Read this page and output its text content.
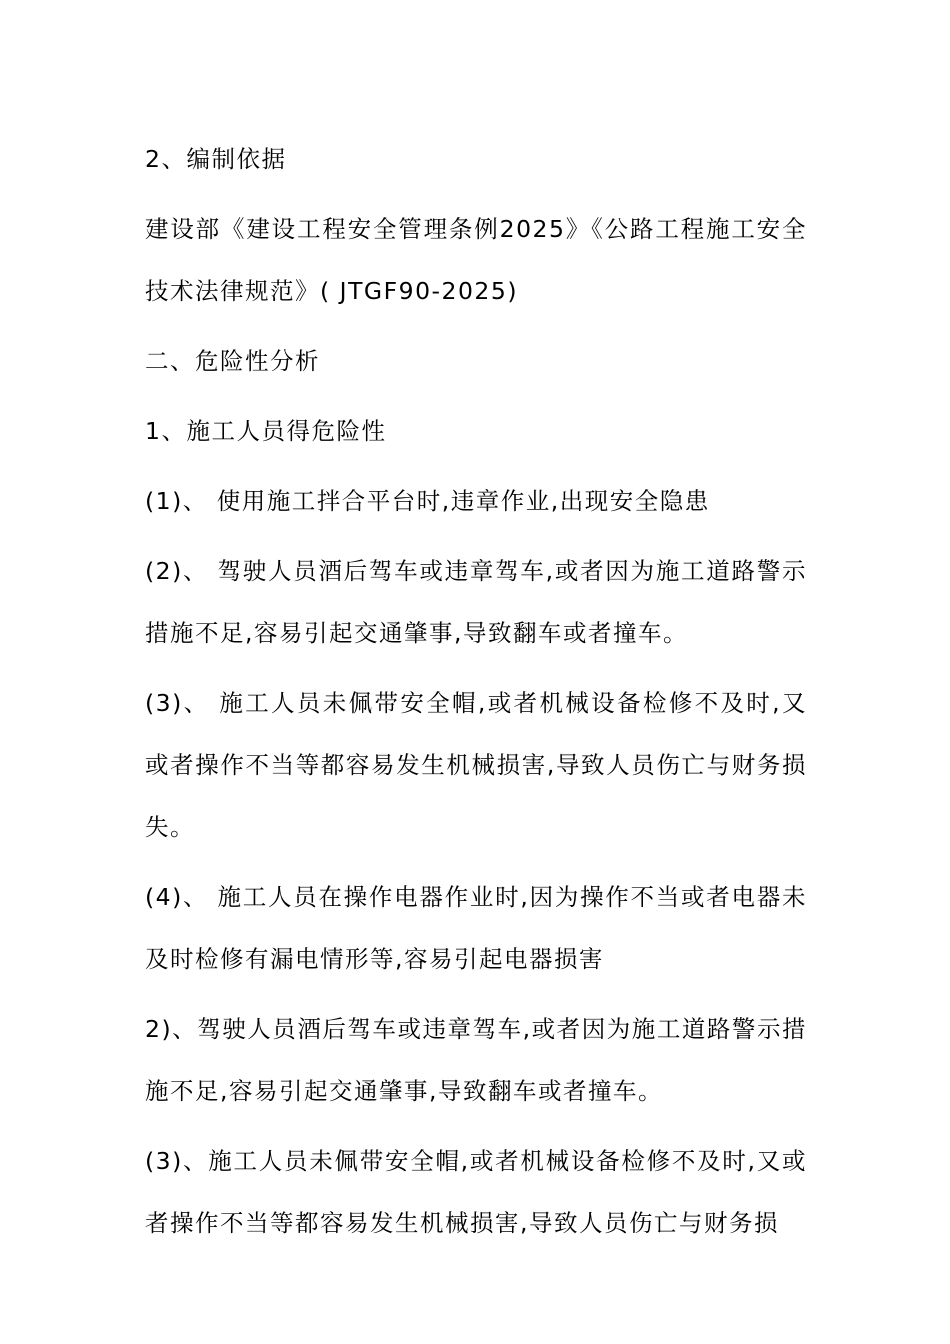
2、编制依据

建设部《建设工程安全管理条例2025》《公路工程施工安全技术法律规范》( JTGF90-2025)

二、危险性分析

1、施工人员得危险性

(1)、 使用施工拌合平台时,违章作业,出现安全隐患

(2)、 驾驶人员酒后驾车或违章驾车,或者因为施工道路警示措施不足,容易引起交通肇事,导致翻车或者撞车。

(3)、 施工人员未佩带安全帽,或者机械设备检修不及时,又或者操作不当等都容易发生机械损害,导致人员伤亡与财务损失。

(4)、 施工人员在操作电器作业时,因为操作不当或者电器未及时检修有漏电情形等,容易引起电器损害

2)、驾驶人员酒后驾车或违章驾车,或者因为施工道路警示措施不足,容易引起交通肇事,导致翻车或者撞车。

(3)、施工人员未佩带安全帽,或者机械设备检修不及时,又或者操作不当等都容易发生机械损害,导致人员伤亡与财务损
